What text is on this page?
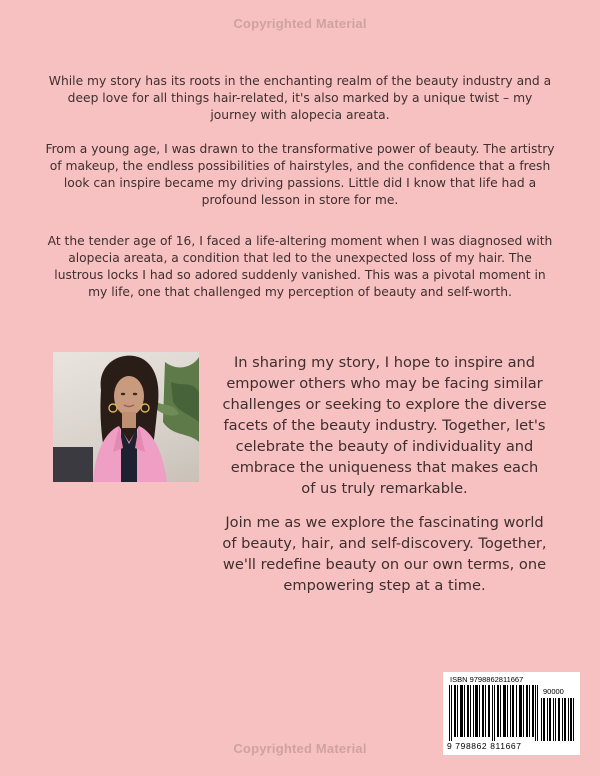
Copyrighted Material
While my story has its roots in the enchanting realm of the beauty industry and a deep love for all things hair-related, it's also marked by a unique twist – my journey with alopecia areata.
From a young age, I was drawn to the transformative power of beauty. The artistry of makeup, the endless possibilities of hairstyles, and the confidence that a fresh look can inspire became my driving passions. Little did I know that life had a profound lesson in store for me.
At the tender age of 16, I faced a life-altering moment when I was diagnosed with alopecia areata, a condition that led to the unexpected loss of my hair. The lustrous locks I had so adored suddenly vanished. This was a pivotal moment in my life, one that challenged my perception of beauty and self-worth.
In sharing my story, I hope to inspire and empower others who may be facing similar challenges or seeking to explore the diverse facets of the beauty industry. Together, let's celebrate the beauty of individuality and embrace the uniqueness that makes each of us truly remarkable.
Join me as we explore the fascinating world of beauty, hair, and self-discovery. Together, we'll redefine beauty on our own terms, one empowering step at a time.
ISBN 9798862811667
90000
9 798862 811667
Copyrighted Material
